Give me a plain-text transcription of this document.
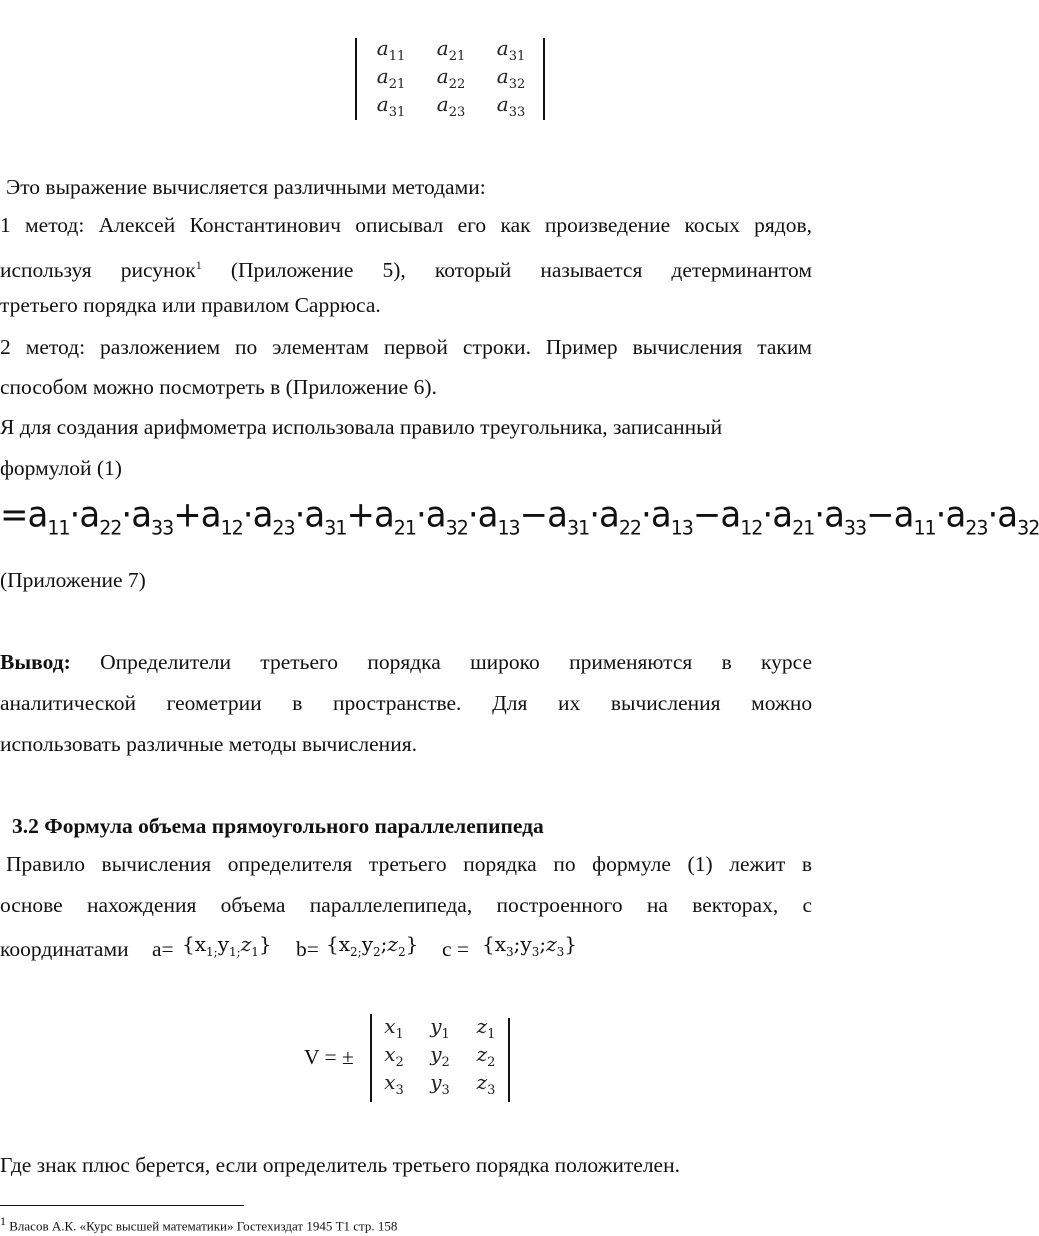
$a_{11}$	$a_{21}$	$a_{31}$
$a_{21}$	$a_{22}$	$a_{32}$
$a_{31}$	$a_{23}$	$a_{33}$
Это выражение вычисляется различными методами:
1 метод: Алексей Константинович описывал его как произведение косых рядов,
используя рисунок$^1$ (Приложение 5), который называется детерминантом
третьего порядка или правилом Саррюса.
2 метод: разложением по элементам первой строки. Пример вычисления таким
способом можно посмотреть в (Приложение 6).
Я для создания арифмометра использовала правило треугольника, записанный
формулой (1)
$=a_{11}\cdot a_{22}\cdot a_{33}+a_{12}\cdot a_{23}\cdot a_{31}+a_{21}\cdot a_{32}\cdot a_{13}-a_{31}\cdot a_{22}\cdot a_{13}-a_{12}\cdot a_{21}\cdot a_{33}-a_{11}\cdot a_{23}\cdot a_{32}$
(Приложение 7)
Вывод: Определители третьего порядка широко применяются в курсе
аналитической геометрии в пространстве. Для их вычисления можно
использовать различные методы вычисления.
3.2 Формула объема прямоугольного параллелепипеда
Правило вычисления определителя третьего порядка по формуле (1) лежит в
основе нахождения объема параллелепипеда, построенного на векторах, с
координатами $a= \{x_{1;}y_{1;}z_1\}$ $b= \{x_{2;}y_2;z_2\} c$ = $\{x_3;y_3;z_3\}$
V = ±
$x_1$	$y_1$	$z_1$
$x_2$	$y_2$	$z_2$
$x_3$	$y_3$	$z_3$
Где знак плюс берется, если определитель третьего порядка положителен.
$^1$ Власов А.К. «Курс высшей математики» Гостехиздат 1945 Т1 стр. 158
